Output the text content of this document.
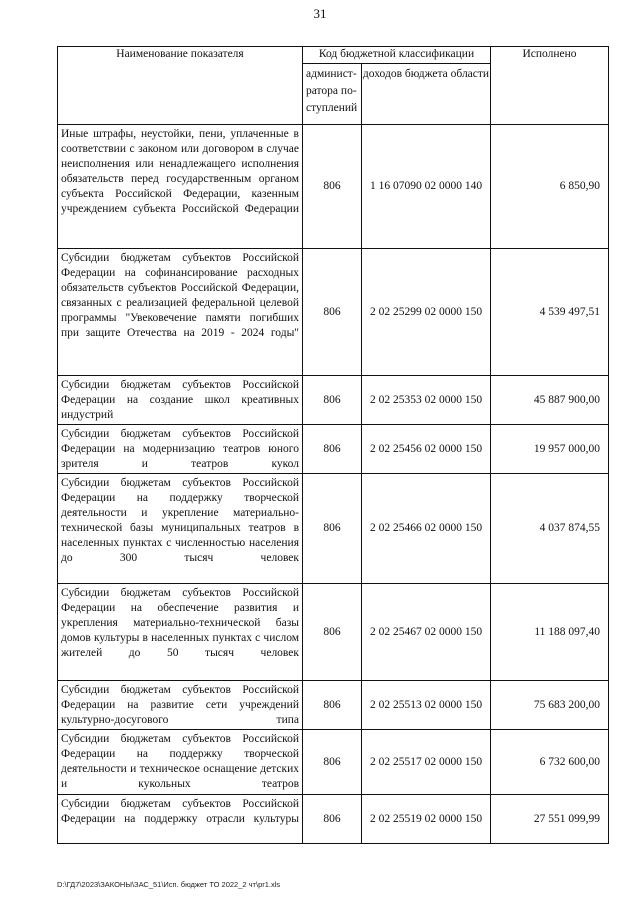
31
Наименование показателя	Код бюджетной классификации		Исполнено
	админист-ратора по-ступлений	доходов бюджета области	
Иные штрафы, неустойки, пени, уплаченные в соответствии с законом или договором в случае неисполнения или ненадлежащего исполнения обязательств перед государственным органом субъекта Российской Федерации, казенным учреждением субъекта Российской Федерации	806	1 16 07090 02 0000 140	6 850,90
Субсидии бюджетам субъектов Российской Федерации на софинансирование расходных обязательств субъектов Российской Федерации, связанных с реализацией федеральной целевой программы "Увековечение памяти погибших при защите Отечества на 2019 - 2024 годы"	806	2 02 25299 02 0000 150	4 539 497,51
Субсидии бюджетам субъектов Российской Федерации на создание школ креативных индустрий	806	2 02 25353 02 0000 150	45 887 900,00
Субсидии бюджетам субъектов Российской Федерации на модернизацию театров юного зрителя и театров кукол	806	2 02 25456 02 0000 150	19 957 000,00
Субсидии бюджетам субъектов Российской Федерации на поддержку творческой деятельности и укрепление материально-технической базы муниципальных театров в населенных пунктах с численностью населения до 300 тысяч человек	806	2 02 25466 02 0000 150	4 037 874,55
Субсидии бюджетам субъектов Российской Федерации на обеспечение развития и укрепления материально-технической базы домов культуры в населенных пунктах с числом жителей до 50 тысяч человек	806	2 02 25467 02 0000 150	11 188 097,40
Субсидии бюджетам субъектов Российской Федерации на развитие сети учреждений культурно-досугового типа	806	2 02 25513 02 0000 150	75 683 200,00
Субсидии бюджетам субъектов Российской Федерации на поддержку творческой деятельности и техническое оснащение детских и кукольных театров	806	2 02 25517 02 0000 150	6 732 600,00
Субсидии бюджетам субъектов Российской Федерации на поддержку отрасли культуры	806	2 02 25519 02 0000 150	27 551 099,99
D:\ГД7\2023\ЗАКОНЫ\ЗАС_51\Исп. бюджет ТО 2022_2 чт\pr1.xls
